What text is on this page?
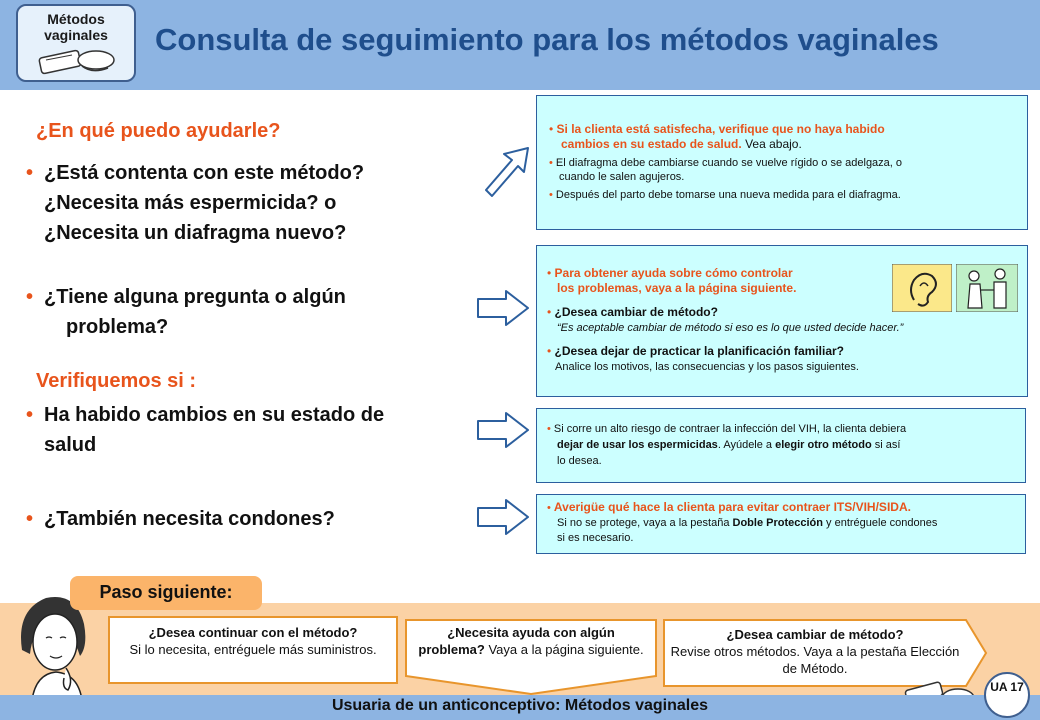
Métodos vaginales	Consulta de seguimiento para los métodos vaginales
¿En qué puedo ayudarle?
• ¿Está contenta con este método?
¿Necesita más espermicida? o
¿Necesita un diafragma nuevo?
• ¿Tiene alguna pregunta o algún
problema?
Verifiquemos si :
• Ha habido cambios en su estado de
salud
• ¿También necesita condones?
• Si la clienta está satisfecha, verifique que no haya habido
cambios en su estado de salud. Vea abajo.
• El diafragma debe cambiarse cuando se vuelve rígido o se adelgaza, o
cuando le salen agujeros.
• Después del parto debe tomarse una nueva medida para el diafragma.
• Para obtener ayuda sobre cómo controlar
los problemas, vaya a la página siguiente.
• ¿Desea cambiar de método?
“Es aceptable cambiar de método si eso es lo que usted decide hacer.”
• ¿Desea dejar de practicar la planificación familiar?
Analice los motivos, las consecuencias y los pasos siguientes.
• Si corre un alto riesgo de contraer la infección del VIH, la clienta debiera
dejar de usar los espermicidas. Ayúdele a elegir otro método si así
lo desea.
• Averigüe qué hace la clienta para evitar contraer ITS/VIH/SIDA.
Si no se protege, vaya a la pestaña Doble Protección y entréguele condones
si es necesario.
Paso siguiente:
¿Desea continuar con el método?
Si lo necesita, entréguele más suministros.
¿Necesita ayuda con algún problema? Vaya a la página siguiente.
¿Desea cambiar de método?
Revise otros métodos. Vaya a la pestaña Elección de Método.
Usuaria de un anticonceptivo: Métodos vaginales
UA 17
